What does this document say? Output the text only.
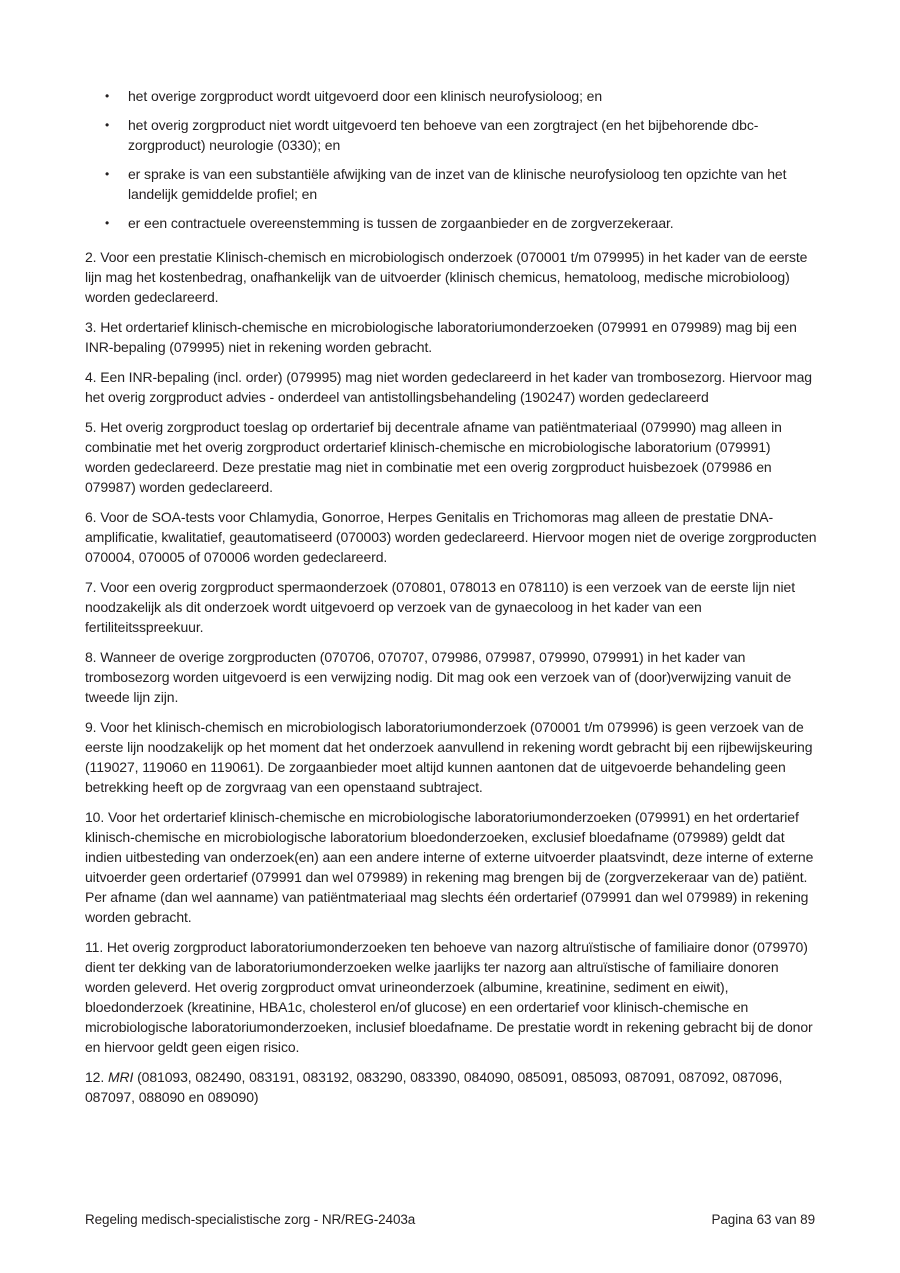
•	het overige zorgproduct wordt uitgevoerd door een klinisch neurofysioloog; en
•	het overig zorgproduct niet wordt uitgevoerd ten behoeve van een zorgtraject (en het bijbehorende dbc-zorgproduct) neurologie (0330); en
•	er sprake is van een substantiële afwijking van de inzet van de klinische neurofysioloog ten opzichte van het landelijk gemiddelde profiel; en
•	er een contractuele overeenstemming is tussen de zorgaanbieder en de zorgverzekeraar.

2. Voor een prestatie Klinisch-chemisch en microbiologisch onderzoek (070001 t/m 079995) in het kader van de eerste lijn mag het kostenbedrag, onafhankelijk van de uitvoerder (klinisch chemicus, hematoloog, medische microbioloog) worden gedeclareerd.

3. Het ordertarief klinisch-chemische en microbiologische laboratoriumonderzoeken (079991 en 079989) mag bij een INR-bepaling (079995) niet in rekening worden gebracht.

4. Een INR-bepaling (incl. order) (079995) mag niet worden gedeclareerd in het kader van trombosezorg. Hiervoor mag het overig zorgproduct advies - onderdeel van antistollingsbehandeling (190247) worden gedeclareerd

5. Het overig zorgproduct toeslag op ordertarief bij decentrale afname van patiëntmateriaal (079990) mag alleen in combinatie met het overig zorgproduct ordertarief klinisch-chemische en microbiologische laboratorium (079991) worden gedeclareerd. Deze prestatie mag niet in combinatie met een overig zorgproduct huisbezoek (079986 en 079987) worden gedeclareerd.

6. Voor de SOA-tests voor Chlamydia, Gonorroe, Herpes Genitalis en Trichomoras mag alleen de prestatie DNA-amplificatie, kwalitatief, geautomatiseerd (070003) worden gedeclareerd. Hiervoor mogen niet de overige zorgproducten 070004, 070005 of 070006 worden gedeclareerd.

7. Voor een overig zorgproduct spermaonderzoek (070801, 078013 en 078110) is een verzoek van de eerste lijn niet noodzakelijk als dit onderzoek wordt uitgevoerd op verzoek van de gynaecoloog in het kader van een fertiliteitsspreekuur.

8. Wanneer de overige zorgproducten (070706, 070707, 079986, 079987, 079990, 079991) in het kader van trombosezorg worden uitgevoerd is een verwijzing nodig. Dit mag ook een verzoek van of (door)verwijzing vanuit de tweede lijn zijn.

9. Voor het klinisch-chemisch en microbiologisch laboratoriumonderzoek (070001 t/m 079996) is geen verzoek van de eerste lijn noodzakelijk op het moment dat het onderzoek aanvullend in rekening wordt gebracht bij een rijbewijskeuring (119027, 119060 en 119061). De zorgaanbieder moet altijd kunnen aantonen dat de uitgevoerde behandeling geen betrekking heeft op de zorgvraag van een openstaand subtraject.

10. Voor het ordertarief klinisch-chemische en microbiologische laboratoriumonderzoeken (079991) en het ordertarief klinisch-chemische en microbiologische laboratorium bloedonderzoeken, exclusief bloedafname (079989) geldt dat indien uitbesteding van onderzoek(en) aan een andere interne of externe uitvoerder plaatsvindt, deze interne of externe uitvoerder geen ordertarief (079991 dan wel 079989) in rekening mag brengen bij de (zorgverzekeraar van de) patiënt. Per afname (dan wel aanname) van patiëntmateriaal mag slechts één ordertarief (079991 dan wel 079989) in rekening worden gebracht.

11. Het overig zorgproduct laboratoriumonderzoeken ten behoeve van nazorg altruïstische of familiaire donor (079970) dient ter dekking van de laboratoriumonderzoeken welke jaarlijks ter nazorg aan altruïstische of familiaire donoren worden geleverd. Het overig zorgproduct omvat urineonderzoek (albumine, kreatinine, sediment en eiwit), bloedonderzoek (kreatinine, HBA1c, cholesterol en/of glucose) en een ordertarief voor klinisch-chemische en microbiologische laboratoriumonderzoeken, inclusief bloedafname. De prestatie wordt in rekening gebracht bij de donor en hiervoor geldt geen eigen risico.

12. MRI (081093, 082490, 083191, 083192, 083290, 083390, 084090, 085091, 085093, 087091, 087092, 087096, 087097, 088090 en 089090)

Regeling medisch-specialistische zorg - NR/REG-2403a	Pagina 63 van 89
